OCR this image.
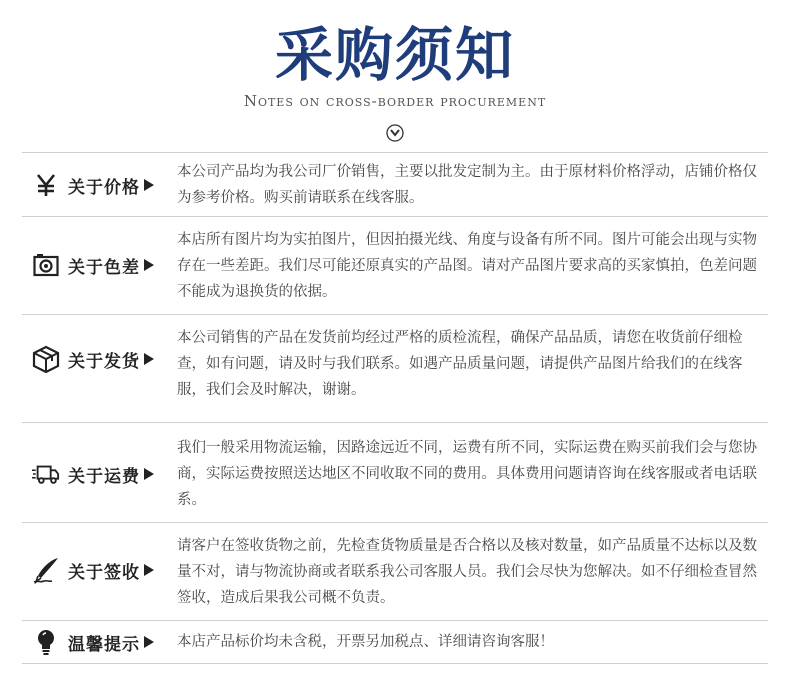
采购须知
Notes on cross-border procurement
关于价格
本公司产品均为我公司厂价销售，主要以批发定制为主。由于原材料价格浮动，店铺价格仅为参考价格。购买前请联系在线客服。
关于色差
本店所有图片均为实拍图片，但因拍摄光线、角度与设备有所不同。图片可能会出现与实物存在一些差距。我们尽可能还原真实的产品图。请对产品图片要求高的买家慎拍，色差问题不能成为退换货的依据。
关于发货
本公司销售的产品在发货前均经过严格的质检流程，确保产品品质，请您在收货前仔细检查，如有问题，请及时与我们联系。如遇产品质量问题，请提供产品图片给我们的在线客服，我们会及时解决，谢谢。
关于运费
我们一般采用物流运输，因路途远近不同，运费有所不同，实际运费在购买前我们会与您协商，实际运费按照送达地区不同收取不同的费用。具体费用问题请咨询在线客服或者电话联系。
关于签收
请客户在签收货物之前，先检查货物质量是否合格以及核对数量，如产品质量不达标以及数量不对，请与物流协商或者联系我公司客服人员。我们会尽快为您解决。如不仔细检查冒然签收，造成后果我公司概不负责。
温馨提示	本店产品标价均未含税，开票另加税点、详细请咨询客服！
